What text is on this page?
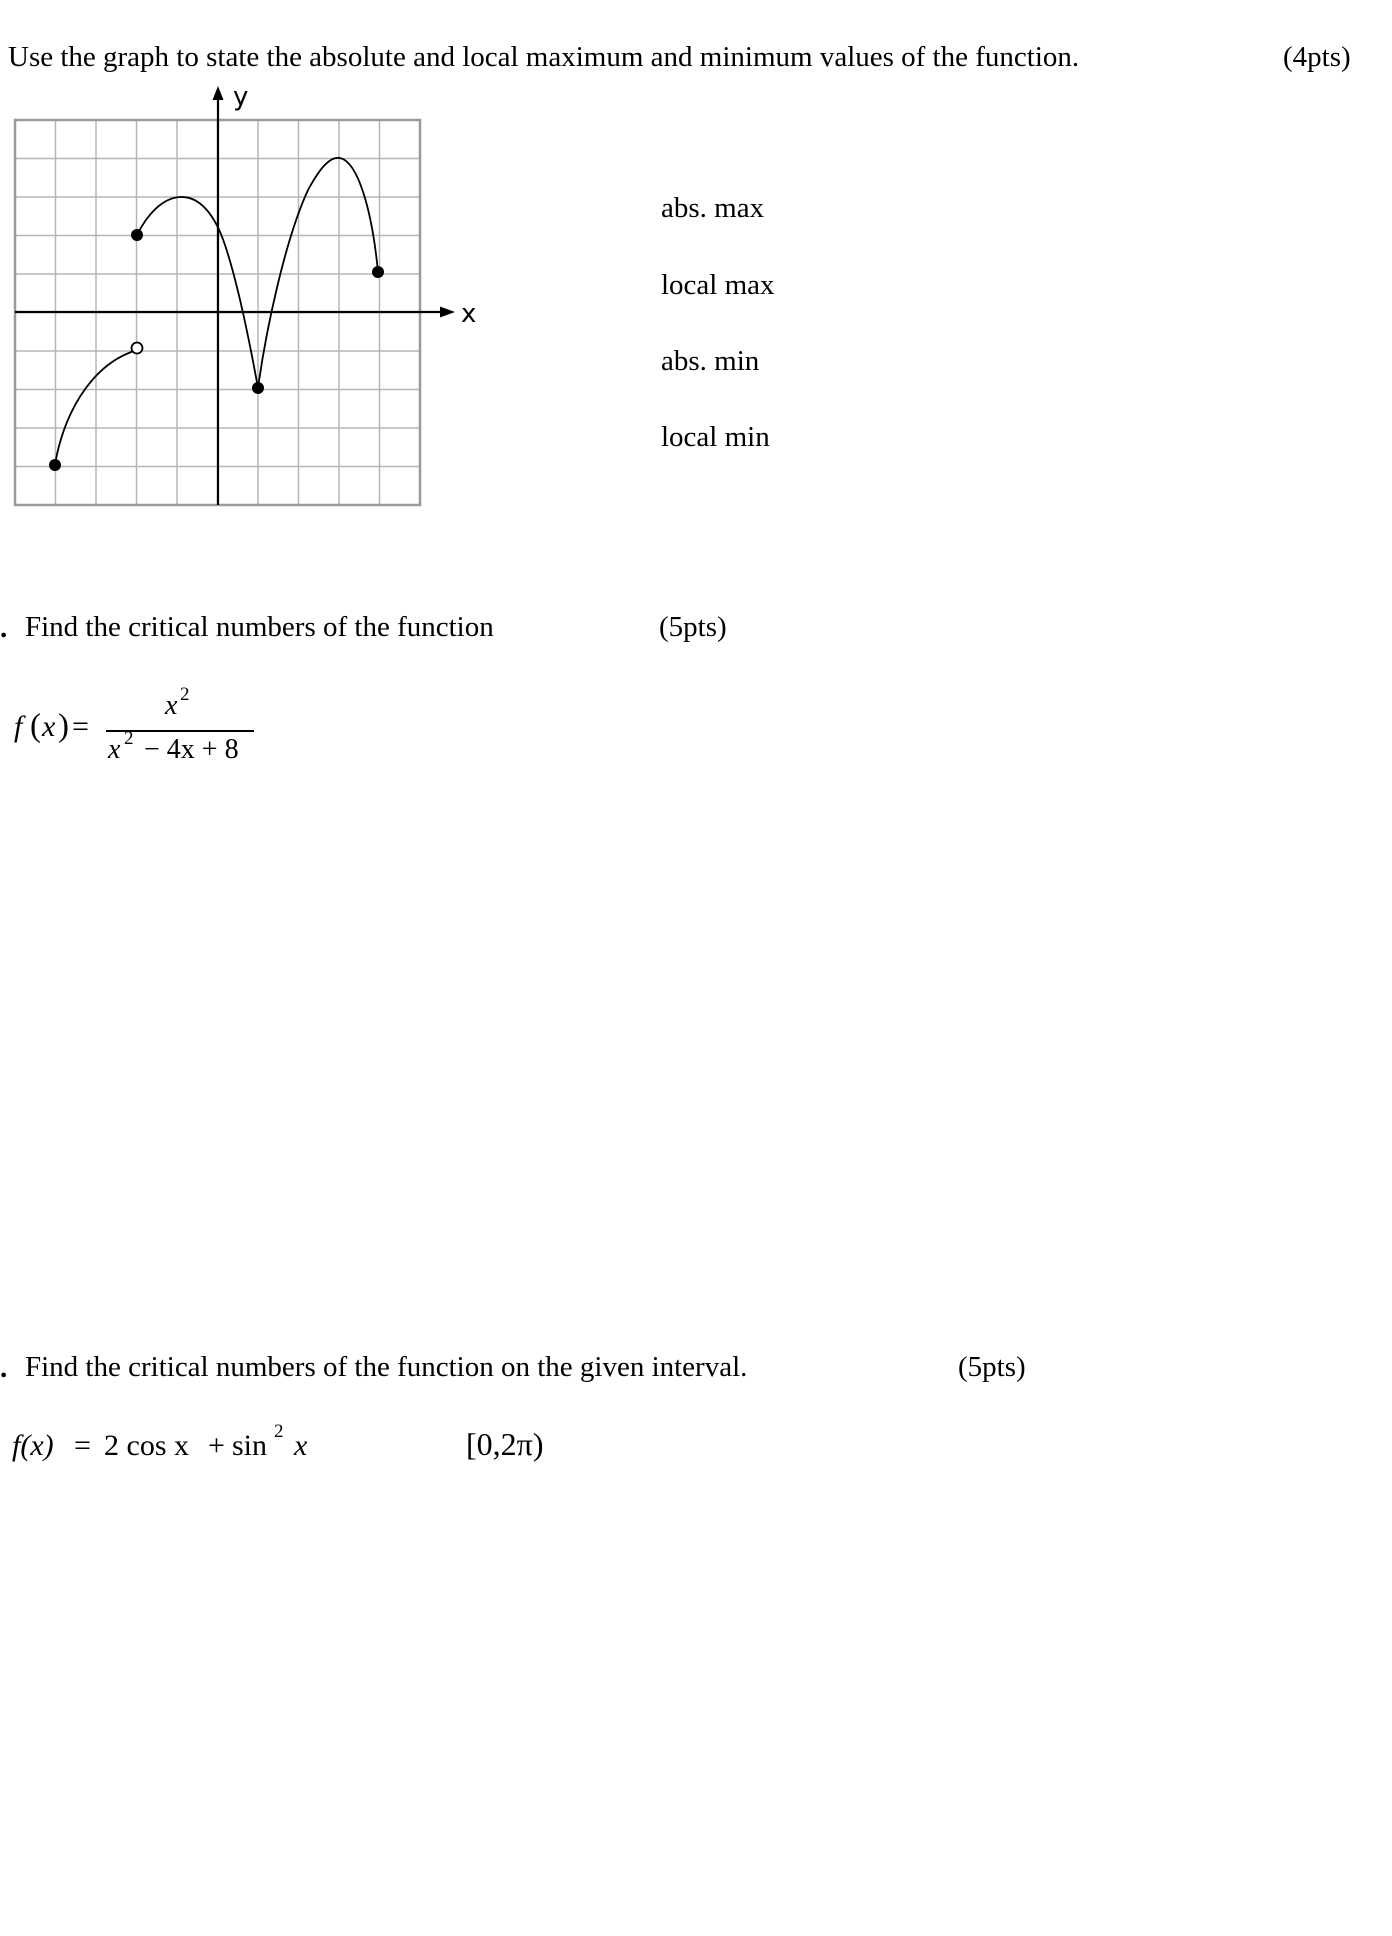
Use the graph to state the absolute and local maximum and minimum values of the function.	(4pts)
y
x
abs. max
local max
abs. min
local min
. Find the critical numbers of the function	(5pts)
f ( x ) =
x 2
x 2 − 4x + 8
. Find the critical numbers of the function on the given interval.	(5pts)
f(x) = 2 cos x + sin 2 x	[0,2π)
